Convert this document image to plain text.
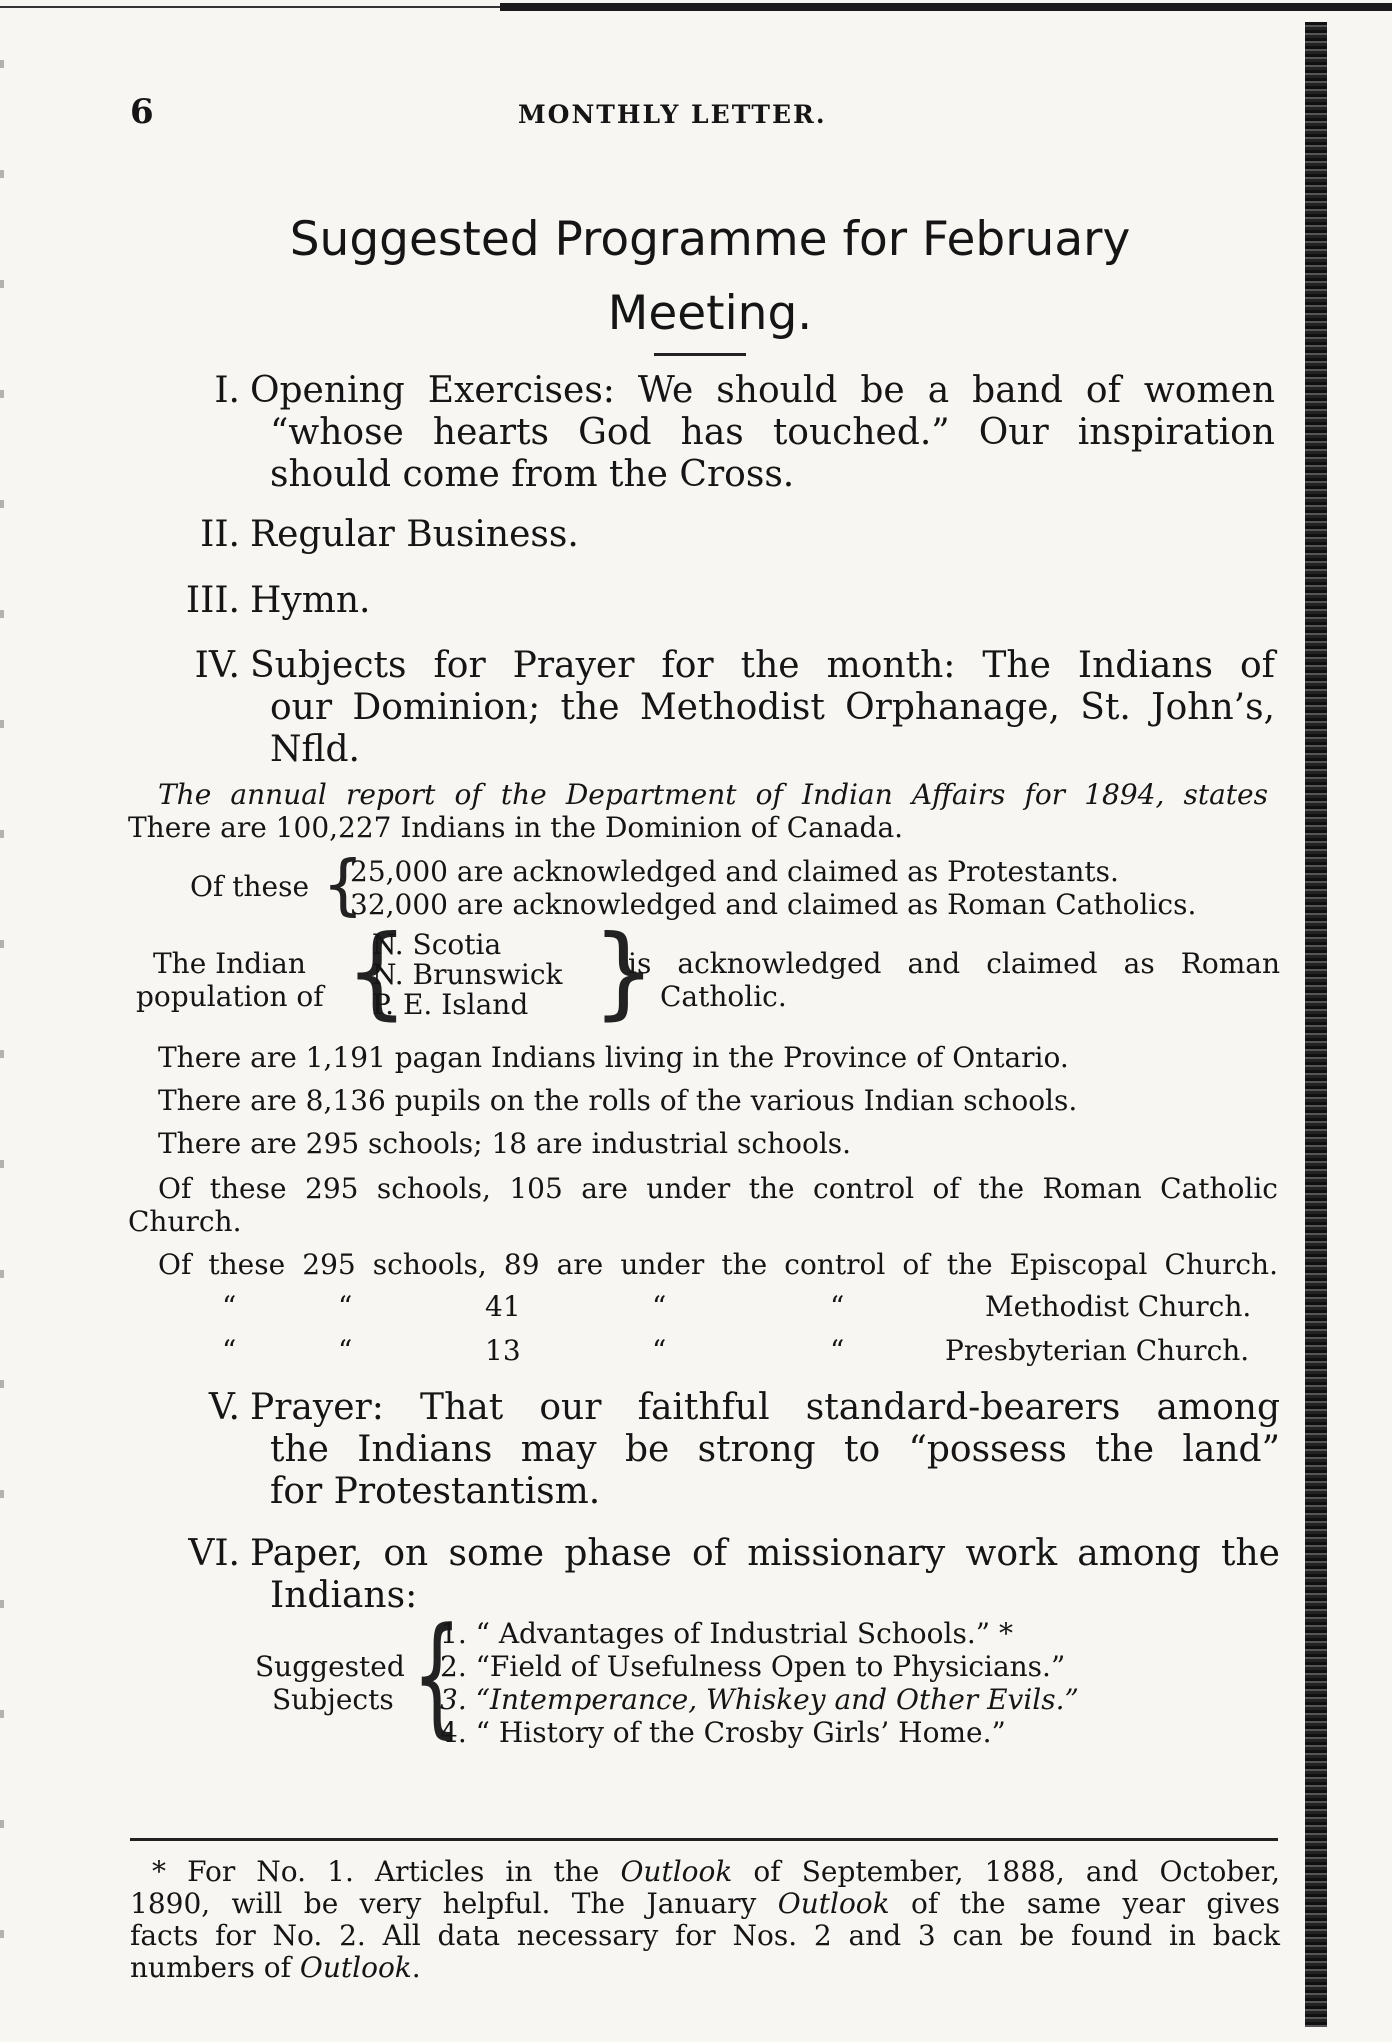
6	MONTHLY LETTER.
Suggested Programme for February
Meeting.
I. Opening Exercises: We should be a band of women
“whose hearts God has touched.” Our inspiration
should come from the Cross.
II. Regular Business.
III. Hymn.
IV. Subjects for Prayer for the month: The Indians of
our Dominion; the Methodist Orphanage, St. John’s,
Nfld.
The annual report of the Department of Indian Affairs for 1894, states
There are 100,227 Indians in the Dominion of Canada.
Of these {
25,000 are acknowledged and claimed as Protestants.
32,000 are acknowledged and claimed as Roman Catholics.
The Indian
population of {
N. Scotia
N. Brunswick
P. E. Island }
is acknowledged and claimed as Roman
Catholic.
There are 1,191 pagan Indians living in the Province of Ontario.
There are 8,136 pupils on the rolls of the various Indian schools.
There are 295 schools; 18 are industrial schools.
Of these 295 schools, 105 are under the control of the Roman Catholic
Church.
Of these 295 schools, 89 are under the control of the Episcopal Church.
“	“	41	“	“	Methodist Church.
“	“	13	“	“	Presbyterian Church.
V. Prayer: That our faithful standard-bearers among
the Indians may be strong to “possess the land”
for Protestantism.
VI. Paper, on some phase of missionary work among the
Indians:
Suggested
Subjects {
1. “ Advantages of Industrial Schools.” *
2. “Field of Usefulness Open to Physicians.”
3. “Intemperance, Whiskey and Other Evils.”
4. “ History of the Crosby Girls’ Home.”
* For No. 1. Articles in the Outlook of September, 1888, and October,
1890, will be very helpful. The January Outlook of the same year gives
facts for No. 2. All data necessary for Nos. 2 and 3 can be found in back
numbers of Outlook.
